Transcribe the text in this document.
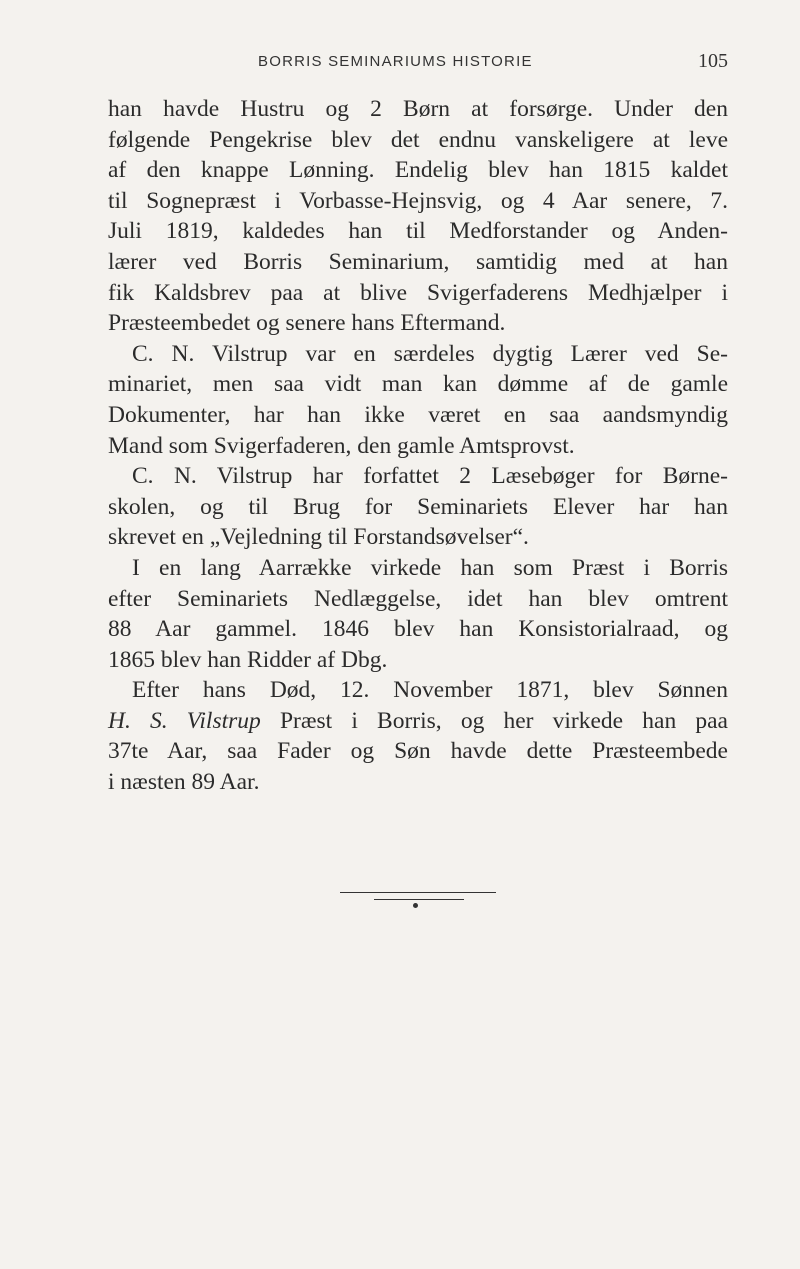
BORRIS SEMINARIUMS HISTORIE	105
han havde Hustru og 2 Børn at forsørge. Under den
følgende Pengekrise blev det endnu vanskeligere at leve
af den knappe Lønning. Endelig blev han 1815 kaldet
til Sognepræst i Vorbasse-Hejnsvig, og 4 Aar senere, 7.
Juli 1819, kaldedes han til Medforstander og Anden-
lærer ved Borris Seminarium, samtidig med at han
fik Kaldsbrev paa at blive Svigerfaderens Medhjælper i
Præsteembedet og senere hans Eftermand.
C. N. Vilstrup var en særdeles dygtig Lærer ved Se-
minariet, men saa vidt man kan dømme af de gamle
Dokumenter, har han ikke været en saa aandsmyndig
Mand som Svigerfaderen, den gamle Amtsprovst.
C. N. Vilstrup har forfattet 2 Læsebøger for Børne-
skolen, og til Brug for Seminariets Elever har han
skrevet en „Vejledning til Forstandsøvelser“.
I en lang Aarrække virkede han som Præst i Borris
efter Seminariets Nedlæggelse, idet han blev omtrent
88 Aar gammel. 1846 blev han Konsistorialraad, og
1865 blev han Ridder af Dbg.
Efter hans Død, 12. November 1871, blev Sønnen
H. S. Vilstrup Præst i Borris, og her virkede han paa
37te Aar, saa Fader og Søn havde dette Præsteembede
i næsten 89 Aar.
